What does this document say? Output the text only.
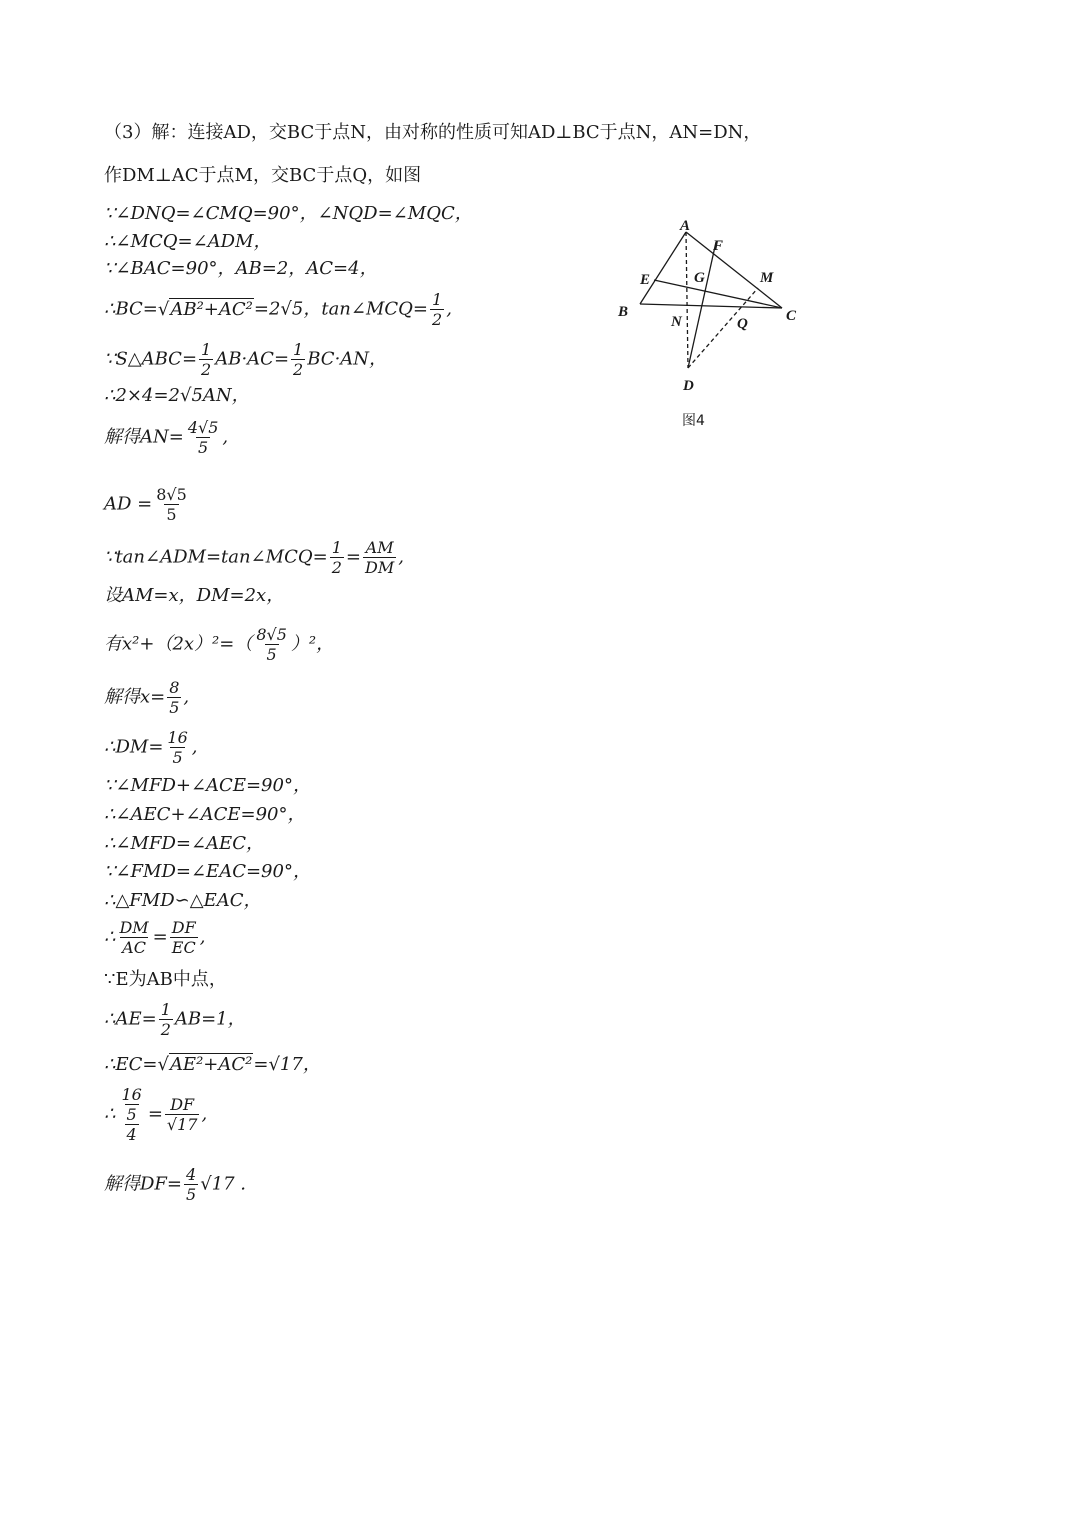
（3）解：连接AD，交BC于点N，由对称的性质可知AD⊥BC于点N，AN=DN，
作DM⊥AC于点M，交BC于点Q，如图
∵∠DNQ=∠CMQ=90°，∠NQD=∠MQC，
∴∠MCQ=∠ADM，
∵∠BAC=90°，AB=2，AC=4，
∴BC=√AB²+AC²=2√5，tan∠MCQ= $\frac{1}{2}$ ,
∵S△ABC= $\frac{1}{2} AB\cdot AC= \frac{1}{2} BC\cdot AN$，
∴2×4=2√5AN，
解得$AN= \frac{4√5}{5}$ ,
AD = $\frac{8√5}{5}$
∵tan∠ADM=tan∠MCQ= $\frac{1}{2} = \frac{AM}{DM}$ ,
设AM=x，DM=2x，
有$x^2+(2x)^2=( \frac{8√5}{5} )^2$，
解得$x= \frac{8}{5}$ ,
∴DM= $\frac{16}{5}$ ,
∵∠MFD+∠ACE=90°，
∴∠AEC+∠ACE=90°，
∴∠MFD=∠AEC，
∵∠FMD=∠EAC=90°，
∴△FMD∽△EAC，
∴ $\frac{DM}{AC} = \frac{DF}{EC}$ ,
∵E为AB中点，
∴AE= $\frac{1}{2} AB=1$，
∴EC=√AE²+AC²=√17，
∴ $\frac{\frac{16}{5}}{4} = \frac{DF}{√17}$ ,
解得$DF= \frac{4}{5} √17$ .
A
F
E	G	M
B
N	Q	C
D
图4
